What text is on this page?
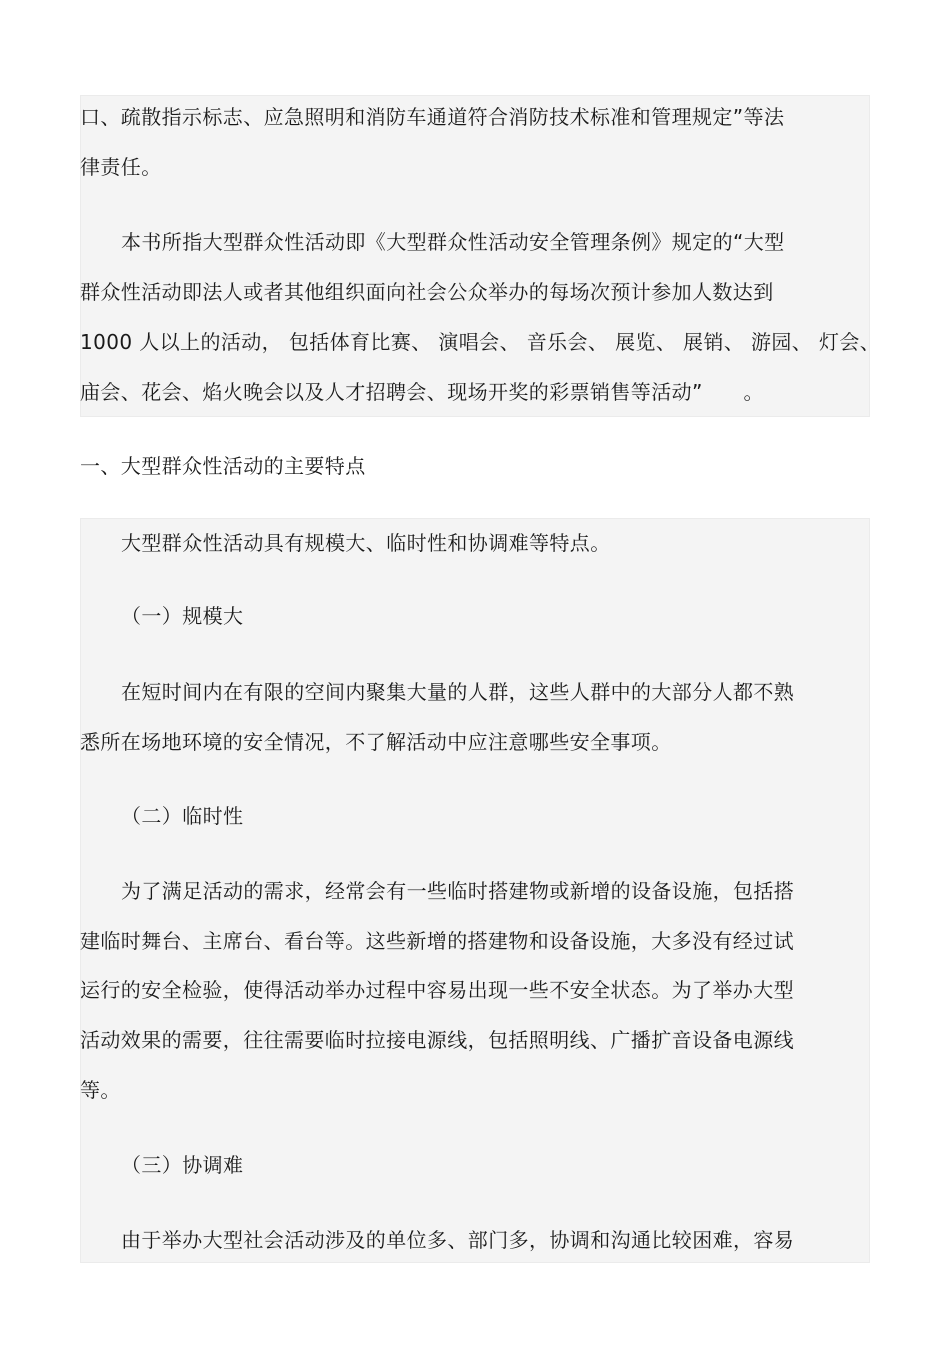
口、疏散指示标志、应急照明和消防车通道符合消防技术标准和管理规定”等法
律责任。
本书所指大型群众性活动即《大型群众性活动安全管理条例》规定的“大型
群众性活动即法人或者其他组织面向社会公众举办的每场次预计参加人数达到
1000 人以上的活动， 包括体育比赛、 演唱会、 音乐会、 展览、 展销、 游园、 灯会、
庙会、花会、焰火晚会以及人才招聘会、现场开奖的彩票销售等活动”　　。
一、大型群众性活动的主要特点
大型群众性活动具有规模大、临时性和协调难等特点。
（一）规模大
在短时间内在有限的空间内聚集大量的人群，这些人群中的大部分人都不熟
悉所在场地环境的安全情况，不了解活动中应注意哪些安全事项。
（二）临时性
为了满足活动的需求，经常会有一些临时搭建物或新增的设备设施，包括搭
建临时舞台、主席台、看台等。这些新增的搭建物和设备设施，大多没有经过试
运行的安全检验，使得活动举办过程中容易出现一些不安全状态。为了举办大型
活动效果的需要，往往需要临时拉接电源线，包括照明线、广播扩音设备电源线
等。
（三）协调难
由于举办大型社会活动涉及的单位多、部门多，协调和沟通比较困难，容易
